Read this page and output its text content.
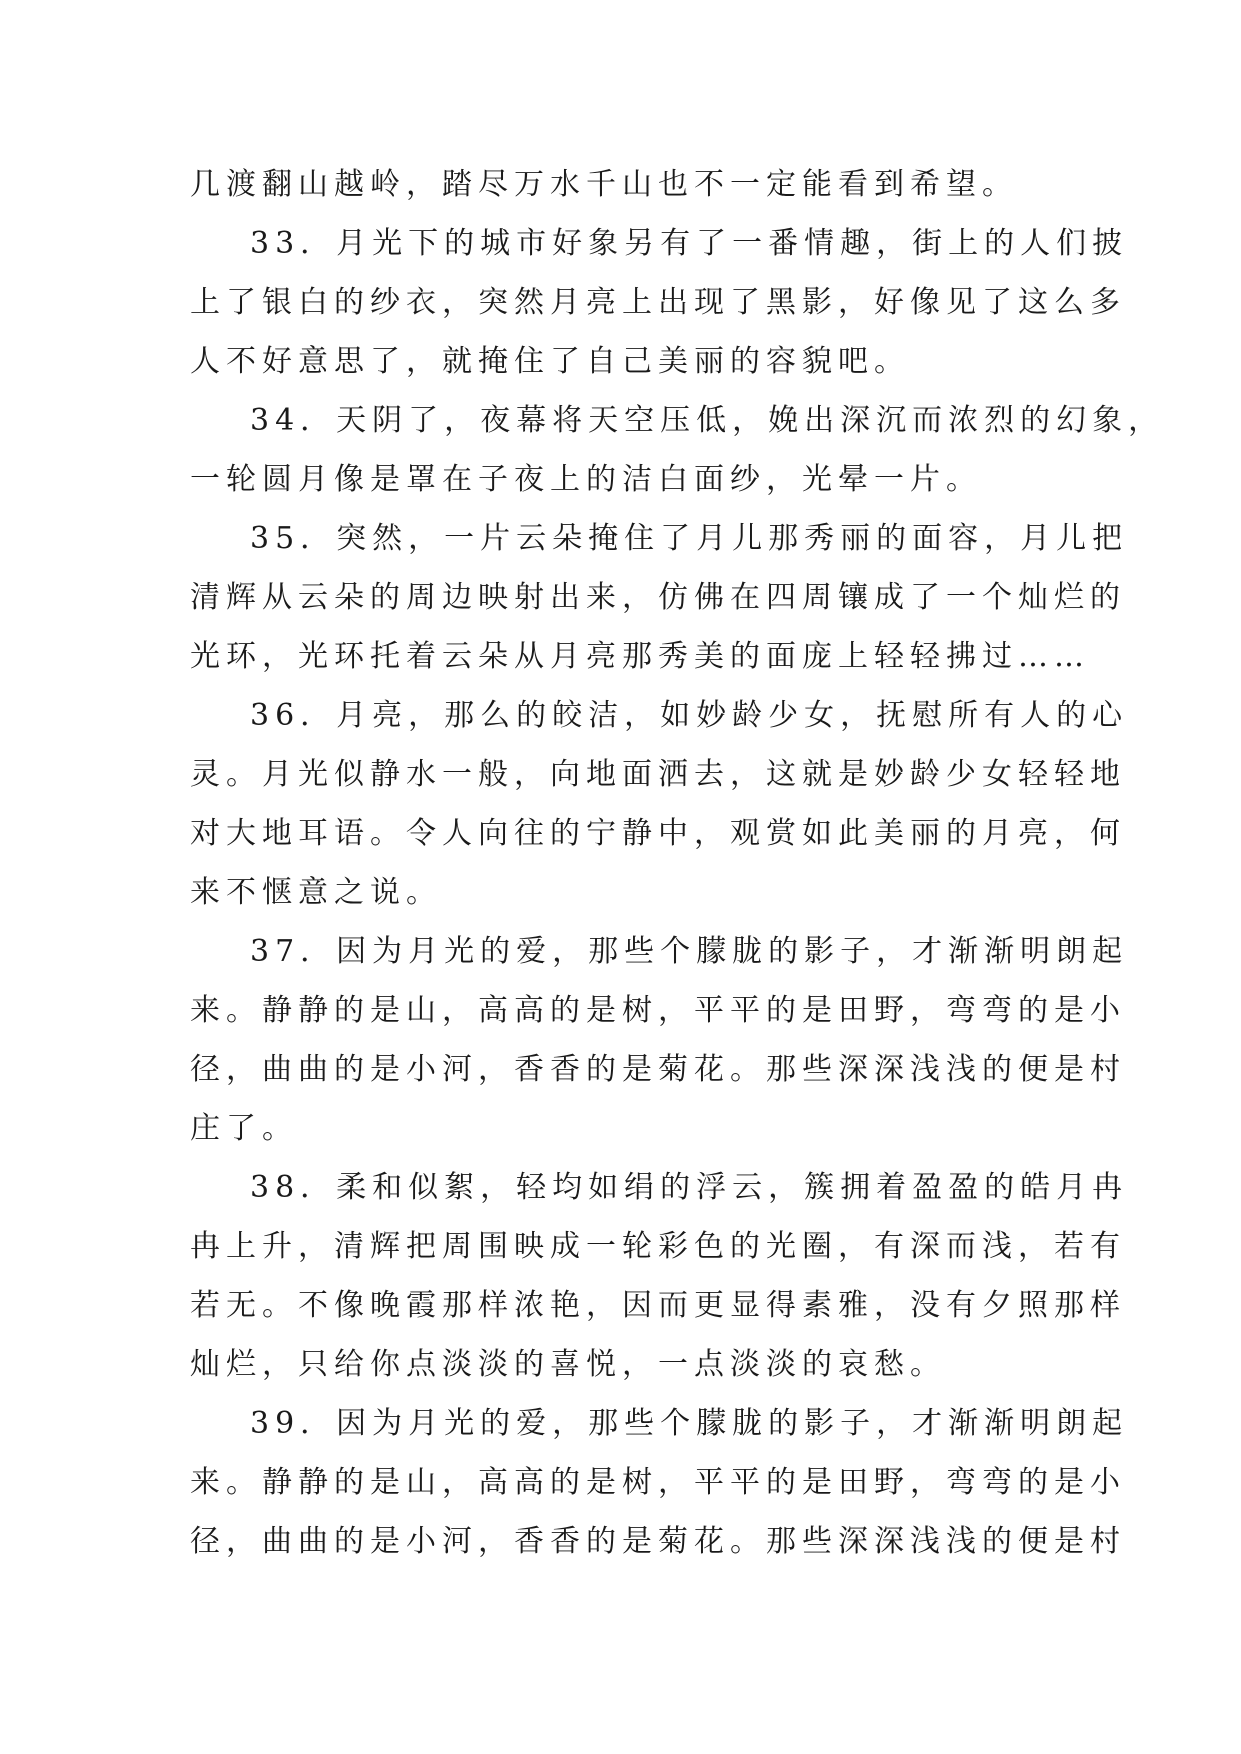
几渡翻山越岭，踏尽万水千山也不一定能看到希望。
33．月光下的城市好象另有了一番情趣，街上的人们披
上了银白的纱衣，突然月亮上出现了黑影，好像见了这么多
人不好意思了，就掩住了自己美丽的容貌吧。
34．天阴了，夜幕将天空压低，娩出深沉而浓烈的幻象，
一轮圆月像是罩在子夜上的洁白面纱，光晕一片。
35．突然，一片云朵掩住了月儿那秀丽的面容，月儿把
清辉从云朵的周边映射出来，仿佛在四周镶成了一个灿烂的
光环，光环托着云朵从月亮那秀美的面庞上轻轻拂过……
36．月亮，那么的皎洁，如妙龄少女，抚慰所有人的心
灵。月光似静水一般，向地面洒去，这就是妙龄少女轻轻地
对大地耳语。令人向往的宁静中，观赏如此美丽的月亮，何
来不惬意之说。
37．因为月光的爱，那些个朦胧的影子，才渐渐明朗起
来。静静的是山，高高的是树，平平的是田野，弯弯的是小
径，曲曲的是小河，香香的是菊花。那些深深浅浅的便是村
庄了。
38．柔和似絮，轻均如绢的浮云，簇拥着盈盈的皓月冉
冉上升，清辉把周围映成一轮彩色的光圈，有深而浅，若有
若无。不像晚霞那样浓艳，因而更显得素雅，没有夕照那样
灿烂，只给你点淡淡的喜悦，一点淡淡的哀愁。
39．因为月光的爱，那些个朦胧的影子，才渐渐明朗起
来。静静的是山，高高的是树，平平的是田野，弯弯的是小
径，曲曲的是小河，香香的是菊花。那些深深浅浅的便是村
